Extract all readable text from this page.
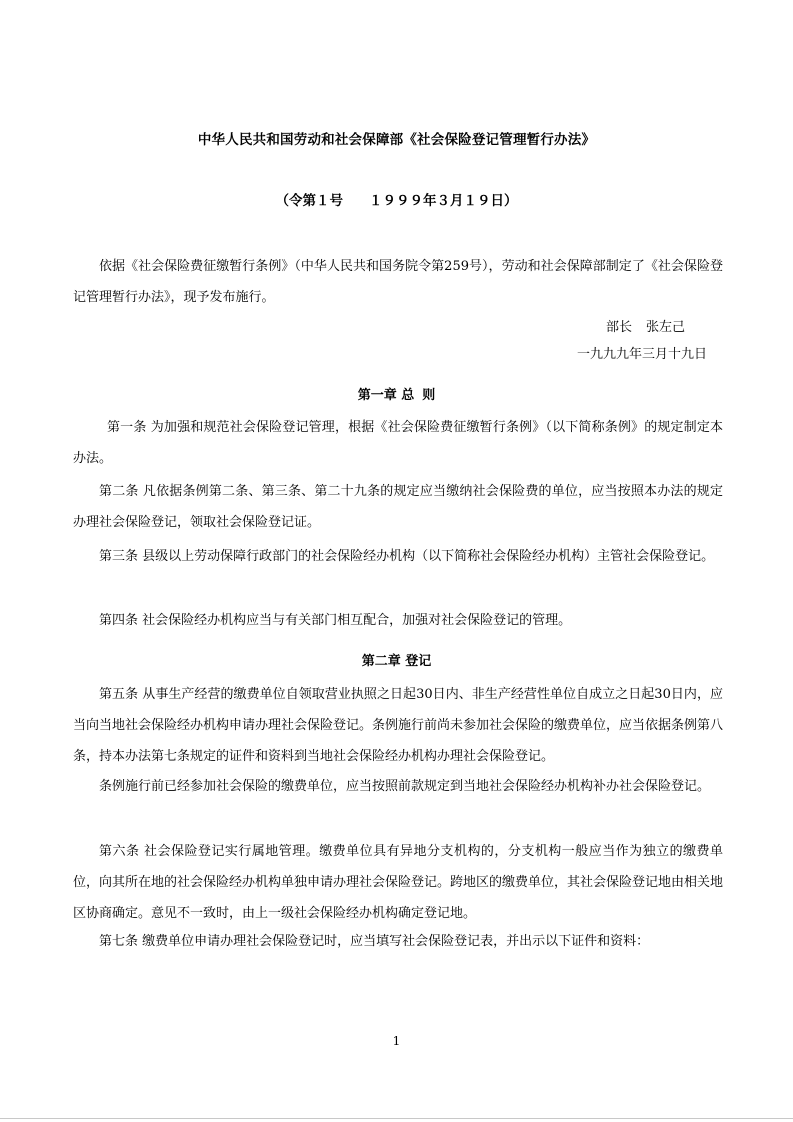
中华人民共和国劳动和社会保障部《社会保险登记管理暂行办法》
（令第１号 １９９９年３月１９日）

依据《社会保险费征缴暂行条例》（中华人民共和国务院令第259号），劳动和社会保障部制定了《社会保险登记管理暂行办法》，现予发布施行。

部长 张左己
一九九九年三月十九日
第一章 总 则

第一条 为加强和规范社会保险登记管理，根据《社会保险费征缴暂行条例》（以下简称条例》的规定制定本办法。

第二条 凡依据条例第二条、第三条、第二十九条的规定应当缴纳社会保险费的单位，应当按照本办法的规定办理社会保险登记，领取社会保险登记证。

第三条 县级以上劳动保障行政部门的社会保险经办机构（以下简称社会保险经办机构）主管社会保险登记。

第四条 社会保险经办机构应当与有关部门相互配合，加强对社会保险登记的管理。

第二章 登记

第五条 从事生产经营的缴费单位自领取营业执照之日起30日内、非生产经营性单位自成立之日起30日内，应当向当地社会保险经办机构申请办理社会保险登记。条例施行前尚未参加社会保险的缴费单位，应当依据条例第八条，持本办法第七条规定的证件和资料到当地社会保险经办机构办理社会保险登记。

条例施行前已经参加社会保险的缴费单位，应当按照前款规定到当地社会保险经办机构补办社会保险登记。

第六条 社会保险登记实行属地管理。缴费单位具有异地分支机构的，分支机构一般应当作为独立的缴费单位，向其所在地的社会保险经办机构单独申请办理社会保险登记。跨地区的缴费单位，其社会保险登记地由相关地区协商确定。意见不一致时，由上一级社会保险经办机构确定登记地。

第七条 缴费单位申请办理社会保险登记时，应当填写社会保险登记表，并出示以下证件和资料：

1
